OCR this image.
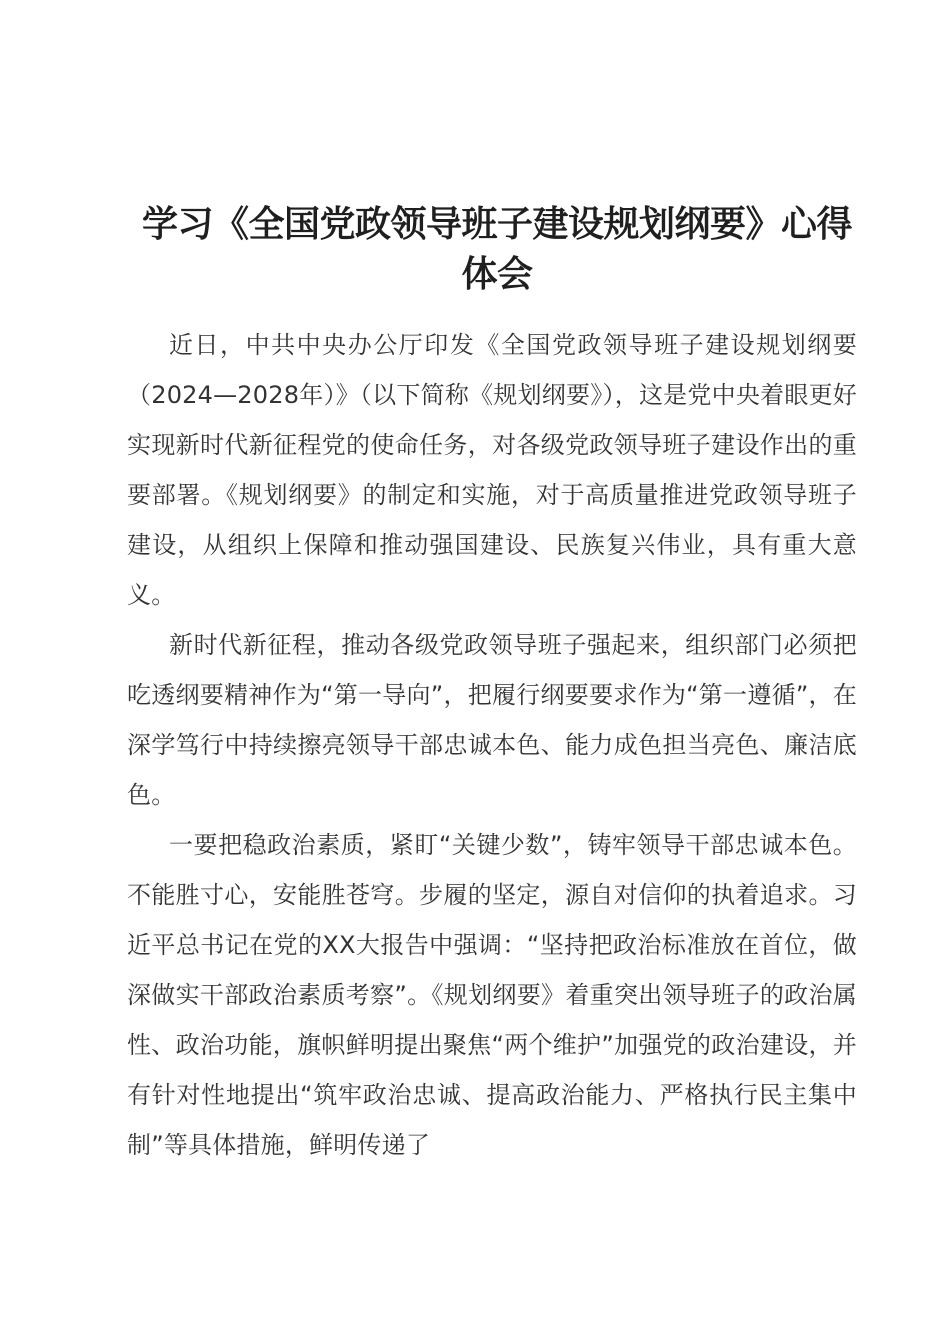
学习《全国党政领导班子建设规划纲要》心得体会

近日，中共中央办公厅印发《全国党政领导班子建设规划纲要（2024—2028年）》（以下简称《规划纲要》），这是党中央着眼更好实现新时代新征程党的使命任务，对各级党政领导班子建设作出的重要部署。《规划纲要》的制定和实施，对于高质量推进党政领导班子建设，从组织上保障和推动强国建设、民族复兴伟业，具有重大意义。

新时代新征程，推动各级党政领导班子强起来，组织部门必须把吃透纲要精神作为“第一导向”，把履行纲要要求作为“第一遵循”，在深学笃行中持续擦亮领导干部忠诚本色、能力成色担当亮色、廉洁底色。

一要把稳政治素质，紧盯“关键少数”，铸牢领导干部忠诚本色。不能胜寸心，安能胜苍穹。步履的坚定，源自对信仰的执着追求。习近平总书记在党的XX大报告中强调：“坚持把政治标准放在首位，做深做实干部政治素质考察”。《规划纲要》着重突出领导班子的政治属性、政治功能，旗帜鲜明提出聚焦“两个维护”加强党的政治建设，并有针对性地提出“筑牢政治忠诚、提高政治能力、严格执行民主集中制”等具体措施，鲜明传递了
